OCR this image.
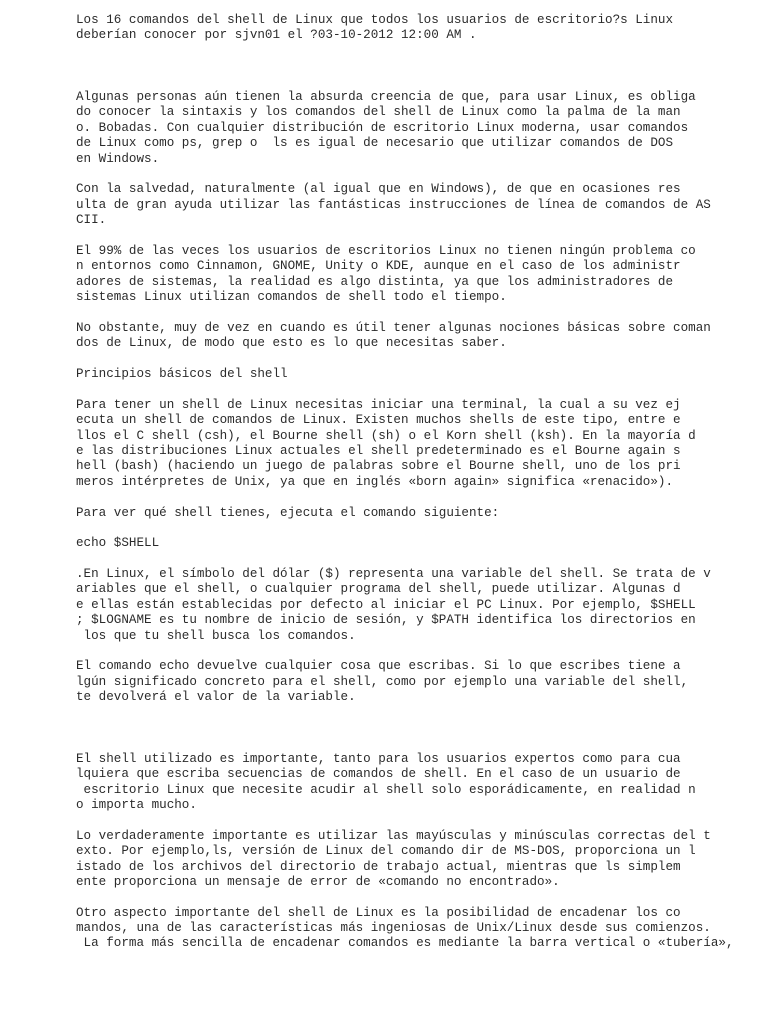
Los 16 comandos del shell de Linux que todos los usuarios de escritorio?s Linux
deberían conocer por sjvn01 el ?03-10-2012 12:00 AM .
Algunas personas aún tienen la absurda creencia de que, para usar Linux, es obliga
do conocer la sintaxis y los comandos del shell de Linux como la palma de la man
o. Bobadas. Con cualquier distribución de escritorio Linux moderna, usar comandos
de Linux como ps, grep o  ls es igual de necesario que utilizar comandos de DOS
en Windows.
Con la salvedad, naturalmente (al igual que en Windows), de que en ocasiones res
ulta de gran ayuda utilizar las fantásticas instrucciones de línea de comandos de AS
CII.
El 99% de las veces los usuarios de escritorios Linux no tienen ningún problema co
n entornos como Cinnamon, GNOME, Unity o KDE, aunque en el caso de los administr
adores de sistemas, la realidad es algo distinta, ya que los administradores de
sistemas Linux utilizan comandos de shell todo el tiempo.
No obstante, muy de vez en cuando es útil tener algunas nociones básicas sobre coman
dos de Linux, de modo que esto es lo que necesitas saber.
Principios básicos del shell
Para tener un shell de Linux necesitas iniciar una terminal, la cual a su vez ej
ecuta un shell de comandos de Linux. Existen muchos shells de este tipo, entre e
llos el C shell (csh), el Bourne shell (sh) o el Korn shell (ksh). En la mayoría d
e las distribuciones Linux actuales el shell predeterminado es el Bourne again s
hell (bash) (haciendo un juego de palabras sobre el Bourne shell, uno de los pri
meros intérpretes de Unix, ya que en inglés «born again» significa «renacido»).
Para ver qué shell tienes, ejecuta el comando siguiente:
echo $SHELL
.En Linux, el símbolo del dólar ($) representa una variable del shell. Se trata de v
ariables que el shell, o cualquier programa del shell, puede utilizar. Algunas d
e ellas están establecidas por defecto al iniciar el PC Linux. Por ejemplo, $SHELL
; $LOGNAME es tu nombre de inicio de sesión, y $PATH identifica los directorios en
los que tu shell busca los comandos.
El comando echo devuelve cualquier cosa que escribas. Si lo que escribes tiene a
lgún significado concreto para el shell, como por ejemplo una variable del shell,
te devolverá el valor de la variable.
El shell utilizado es importante, tanto para los usuarios expertos como para cua
lquiera que escriba secuencias de comandos de shell. En el caso de un usuario de
escritorio Linux que necesite acudir al shell solo esporádicamente, en realidad n
o importa mucho.
Lo verdaderamente importante es utilizar las mayúsculas y minúsculas correctas del t
exto. Por ejemplo,ls, versión de Linux del comando dir de MS-DOS, proporciona un l
istado de los archivos del directorio de trabajo actual, mientras que ls simplem
ente proporciona un mensaje de error de «comando no encontrado».
Otro aspecto importante del shell de Linux es la posibilidad de encadenar los co
mandos, una de las características más ingeniosas de Unix/Linux desde sus comienzos.
La forma más sencilla de encadenar comandos es mediante la barra vertical o «tubería»,
